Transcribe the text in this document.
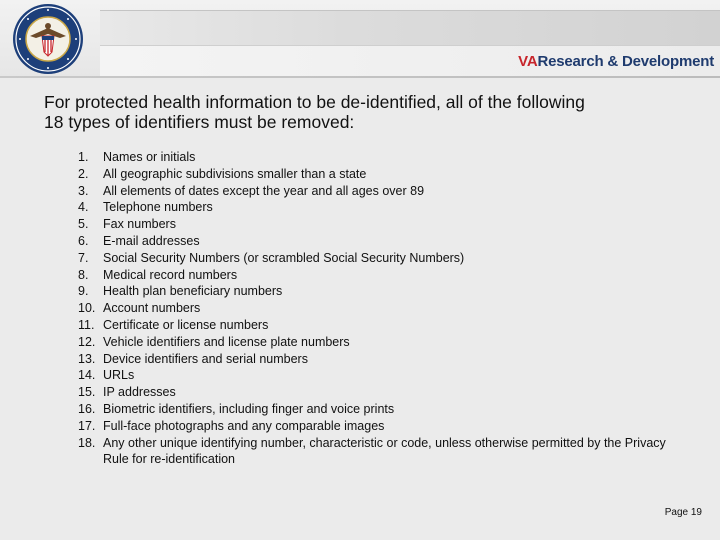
VA Research & Development
For protected health information to be de-identified, all of the following
18 types of identifiers must be removed:
1.	Names or initials
2.	All geographic subdivisions smaller than a state
3.	All elements of dates except the year and all ages over 89
4.	Telephone numbers
5.	Fax numbers
6.	E-mail addresses
7.	Social Security Numbers (or scrambled Social Security Numbers)
8.	Medical record numbers
9.	Health plan beneficiary numbers
10. Account numbers
11. Certificate or license numbers
12. Vehicle identifiers and license plate numbers
13. Device identifiers and serial numbers
14. URLs
15. IP addresses
16. Biometric identifiers, including finger and voice prints
17. Full-face photographs and any comparable images
18. Any other unique identifying number, characteristic or code, unless otherwise permitted by the Privacy Rule for re-identification
Page 19
